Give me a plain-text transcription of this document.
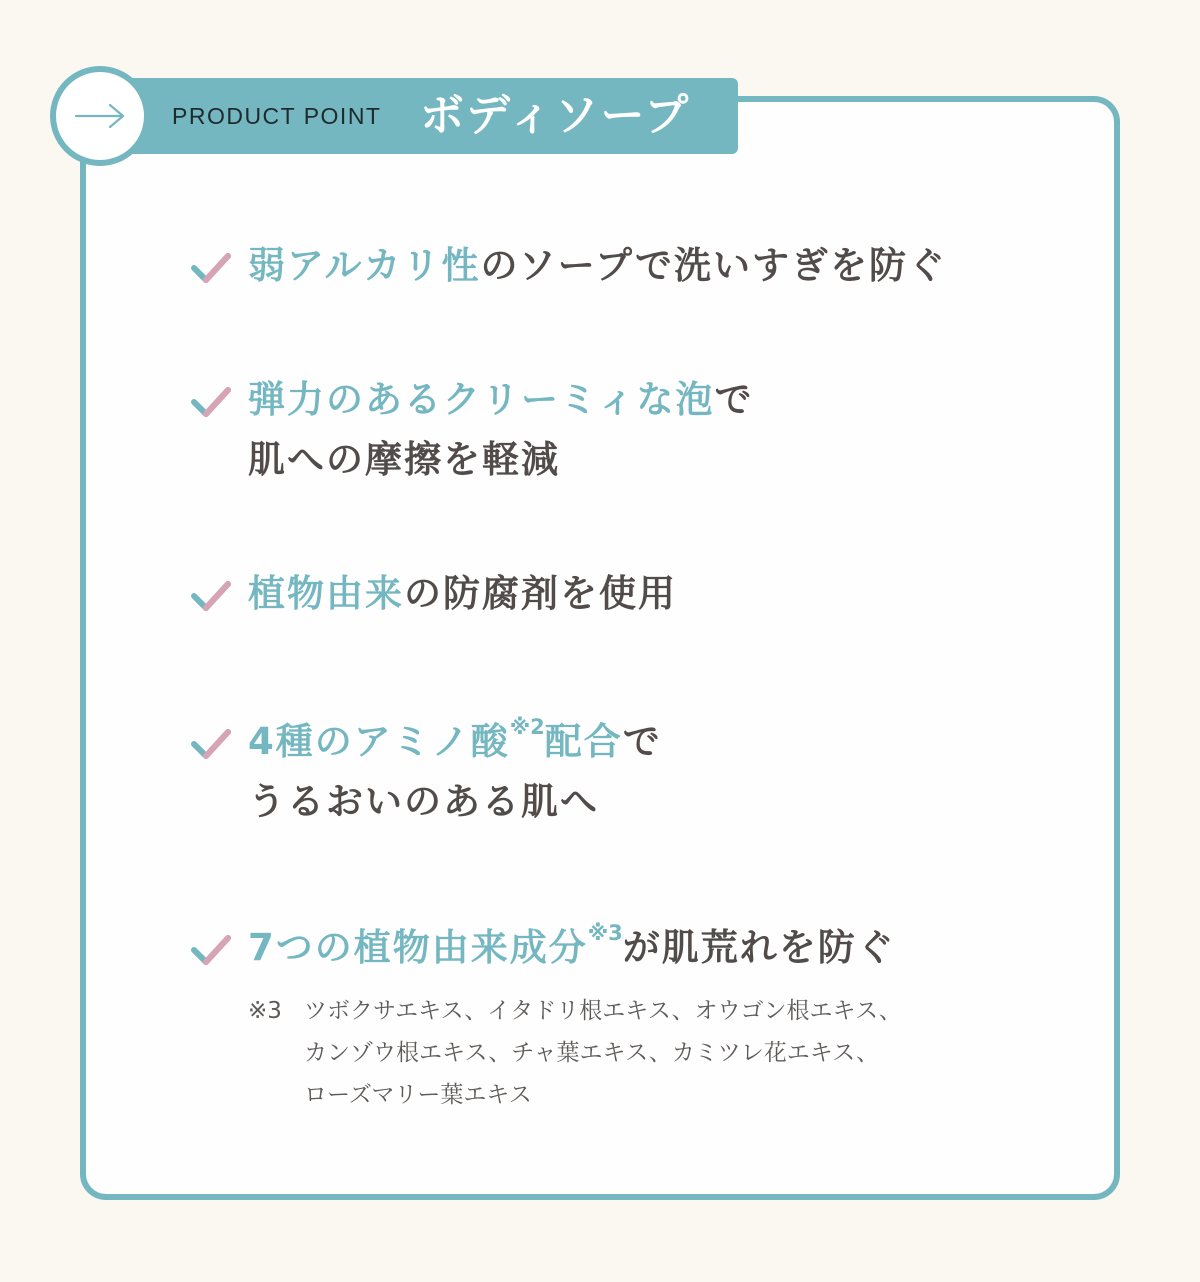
PRODUCT POINT ボディソープ
弱アルカリ性のソープで洗いすぎを防ぐ
弾力のあるクリーミィな泡で
肌への摩擦を軽減
植物由来の防腐剤を使用
4種のアミノ酸$^{※2}$配合で
うるおいのある肌へ
7つの植物由来成分$^{※3}$が肌荒れを防ぐ
※3 ツボクサエキス、イタドリ根エキス、オウゴン根エキス、
カンゾウ根エキス、チャ葉エキス、カミツレ花エキス、
ローズマリー葉エキス
